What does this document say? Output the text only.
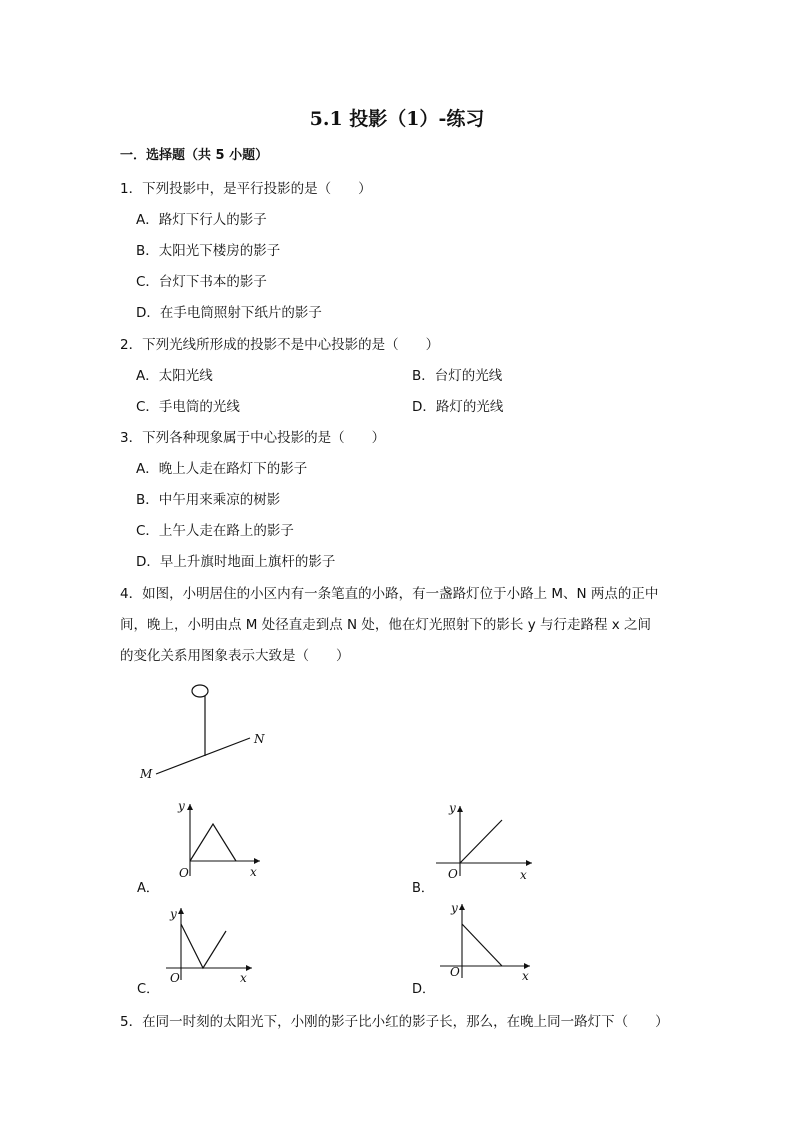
5.1 投影（1）-练习
一．选择题（共 5 小题）
1．下列投影中，是平行投影的是（　　）
A．路灯下行人的影子
B．太阳光下楼房的影子
C．台灯下书本的影子
D．在手电筒照射下纸片的影子
2．下列光线所形成的投影不是中心投影的是（　　）
A．太阳光线	B．台灯的光线
C．手电筒的光线	D．路灯的光线
3．下列各种现象属于中心投影的是（　　）
A．晚上人走在路灯下的影子
B．中午用来乘凉的树影
C．上午人走在路上的影子
D．早上升旗时地面上旗杆的影子
4．如图，小明居住的小区内有一条笔直的小路，有一盏路灯位于小路上 M、N 两点的正中
间，晚上，小明由点 M 处径直走到点 N 处，他在灯光照射下的影长 y 与行走路程 x 之间
的变化关系用图象表示大致是（　　）
M
N
A．
O	x
y
B．
O	x
y
C．
O	x
y
D．
O	x
y
5．在同一时刻的太阳光下，小刚的影子比小红的影子长，那么，在晚上同一路灯下（　　）
